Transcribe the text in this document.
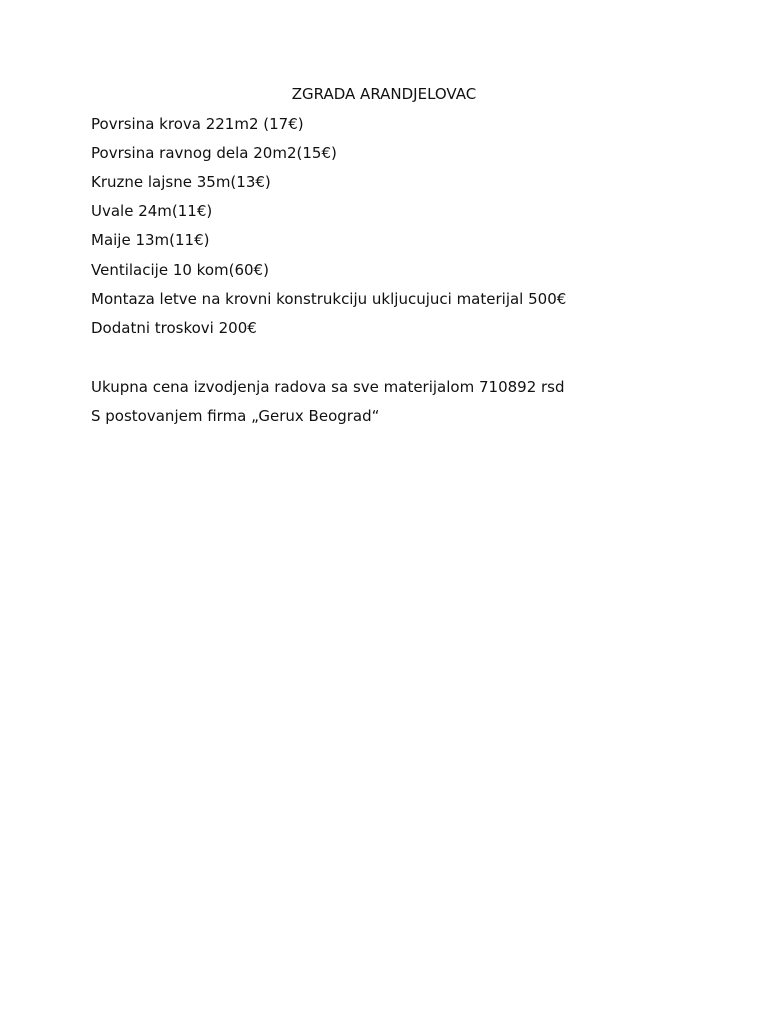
ZGRADA ARANDJELOVAC
Povrsina krova 221m2 (17€)
Povrsina ravnog dela 20m2(15€)
Kruzne lajsne 35m(13€)
Uvale 24m(11€)
Maije 13m(11€)
Ventilacije 10 kom(60€)
Montaza letve na krovni konstrukciju ukljucujuci materijal 500€
Dodatni troskovi 200€
Ukupna cena izvodjenja radova sa sve materijalom 710892 rsd
S postovanjem firma „Gerux Beograd“
